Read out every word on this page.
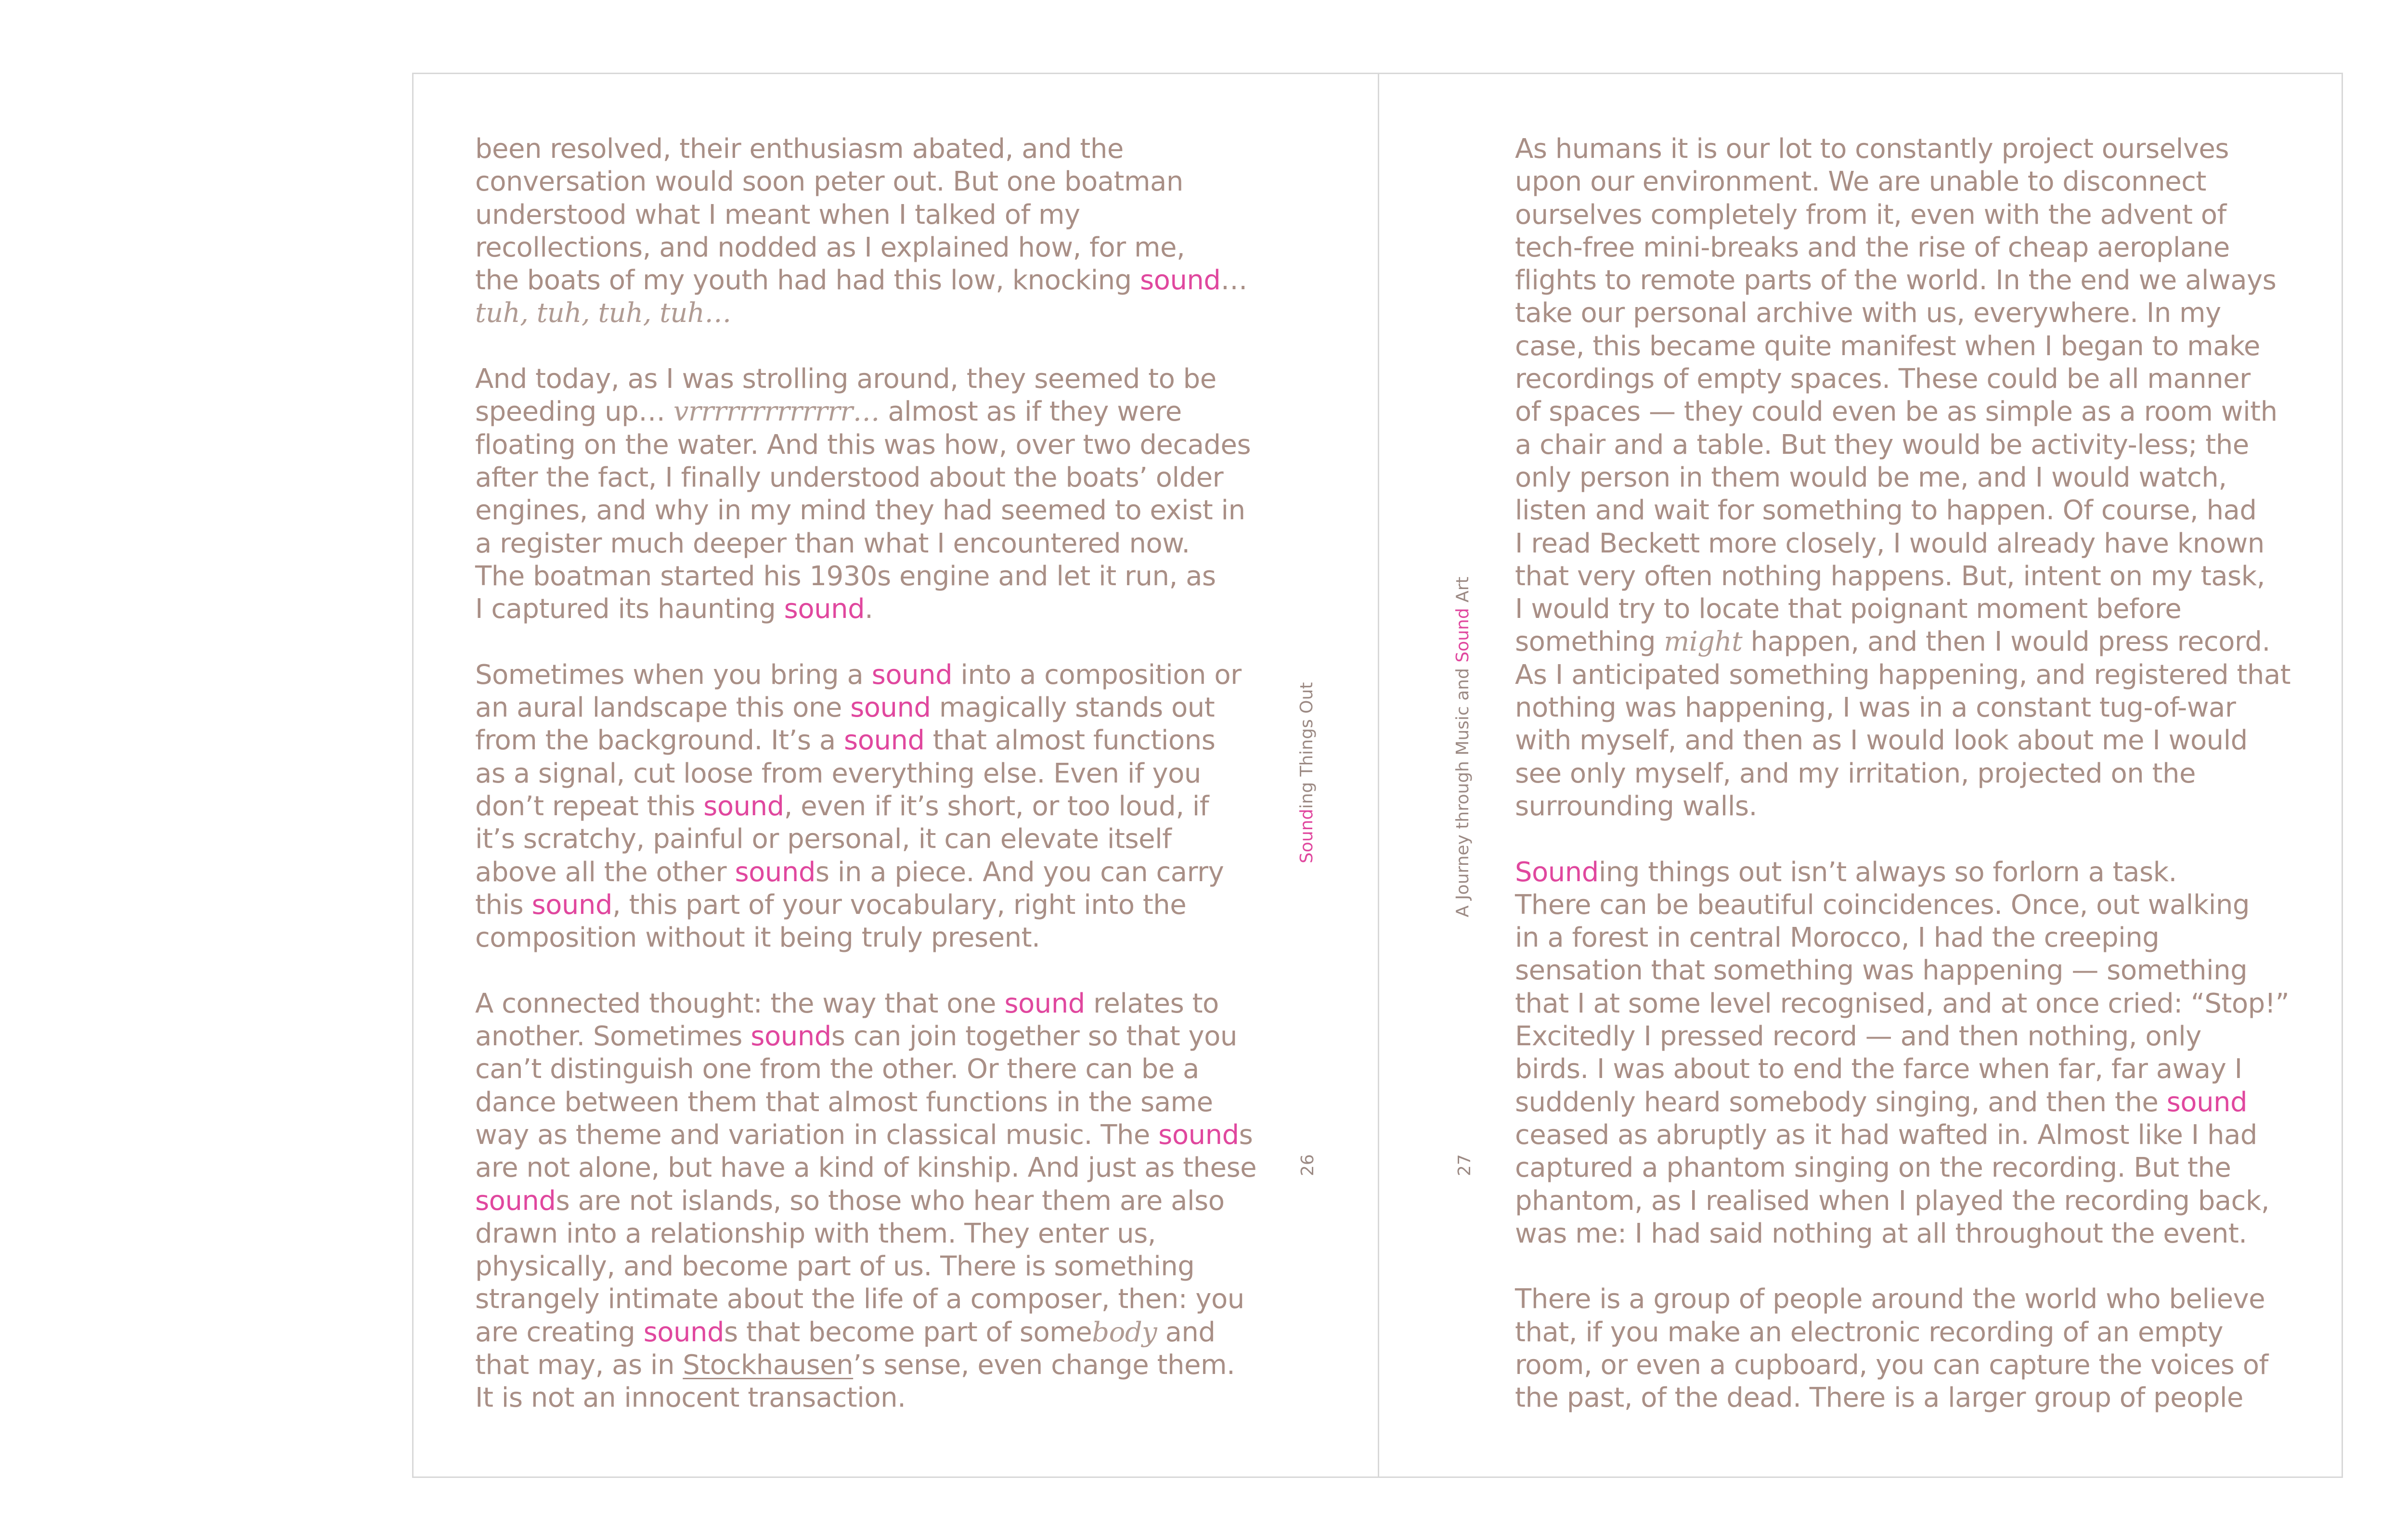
been resolved, their enthusiasm abated, and the
conversation would soon peter out. But one boatman
understood what I meant when I talked of my
recollections, and nodded as I explained how, for me,
the boats of my youth had had this low, knocking sound…
tuh, tuh, tuh, tuh…

And today, as I was strolling around, they seemed to be
speeding up… vrrrrrrrrrrrrr… almost as if they were
floating on the water. And this was how, over two decades
after the fact, I finally understood about the boats’ older
engines, and why in my mind they had seemed to exist in
a register much deeper than what I encountered now.
The boatman started his 1930s engine and let it run, as
I captured its haunting sound.

Sometimes when you bring a sound into a composition or
an aural landscape this one sound magically stands out
from the background. It’s a sound that almost functions
as a signal, cut loose from everything else. Even if you
don’t repeat this sound, even if it’s short, or too loud, if
it’s scratchy, painful or personal, it can elevate itself
above all the other sounds in a piece. And you can carry
this sound, this part of your vocabulary, right into the
composition without it being truly present.

A connected thought: the way that one sound relates to
another. Sometimes sounds can join together so that you
can’t distinguish one from the other. Or there can be a
dance between them that almost functions in the same
way as theme and variation in classical music. The sounds
are not alone, but have a kind of kinship. And just as these
sounds are not islands, so those who hear them are also
drawn into a relationship with them. They enter us,
physically, and become part of us. There is something
strangely intimate about the life of a composer, then: you
are creating sounds that become part of somebody and
that may, as in Stockhausen’s sense, even change them.
It is not an innocent transaction.

As humans it is our lot to constantly project ourselves
upon our environment. We are unable to disconnect
ourselves completely from it, even with the advent of
tech-free mini-breaks and the rise of cheap aeroplane
flights to remote parts of the world. In the end we always
take our personal archive with us, everywhere. In my
case, this became quite manifest when I began to make
recordings of empty spaces. These could be all manner
of spaces — they could even be as simple as a room with
a chair and a table. But they would be activity-less; the
only person in them would be me, and I would watch,
listen and wait for something to happen. Of course, had
I read Beckett more closely, I would already have known
that very often nothing happens. But, intent on my task,
I would try to locate that poignant moment before
something might happen, and then I would press record.
As I anticipated something happening, and registered that
nothing was happening, I was in a constant tug-of-war
with myself, and then as I would look about me I would
see only myself, and my irritation, projected on the
surrounding walls.

Sounding things out isn’t always so forlorn a task.
There can be beautiful coincidences. Once, out walking
in a forest in central Morocco, I had the creeping
sensation that something was happening — something
that I at some level recognised, and at once cried: “Stop!”
Excitedly I pressed record — and then nothing, only
birds. I was about to end the farce when far, far away I
suddenly heard somebody singing, and then the sound
ceased as abruptly as it had wafted in. Almost like I had
captured a phantom singing on the recording. But the
phantom, as I realised when I played the recording back,
was me: I had said nothing at all throughout the event.

There is a group of people around the world who believe
that, if you make an electronic recording of an empty
room, or even a cupboard, you can capture the voices of
the past, of the dead. There is a larger group of people

Sounding Things Out	A Journey through Music and Sound Art
26	27
